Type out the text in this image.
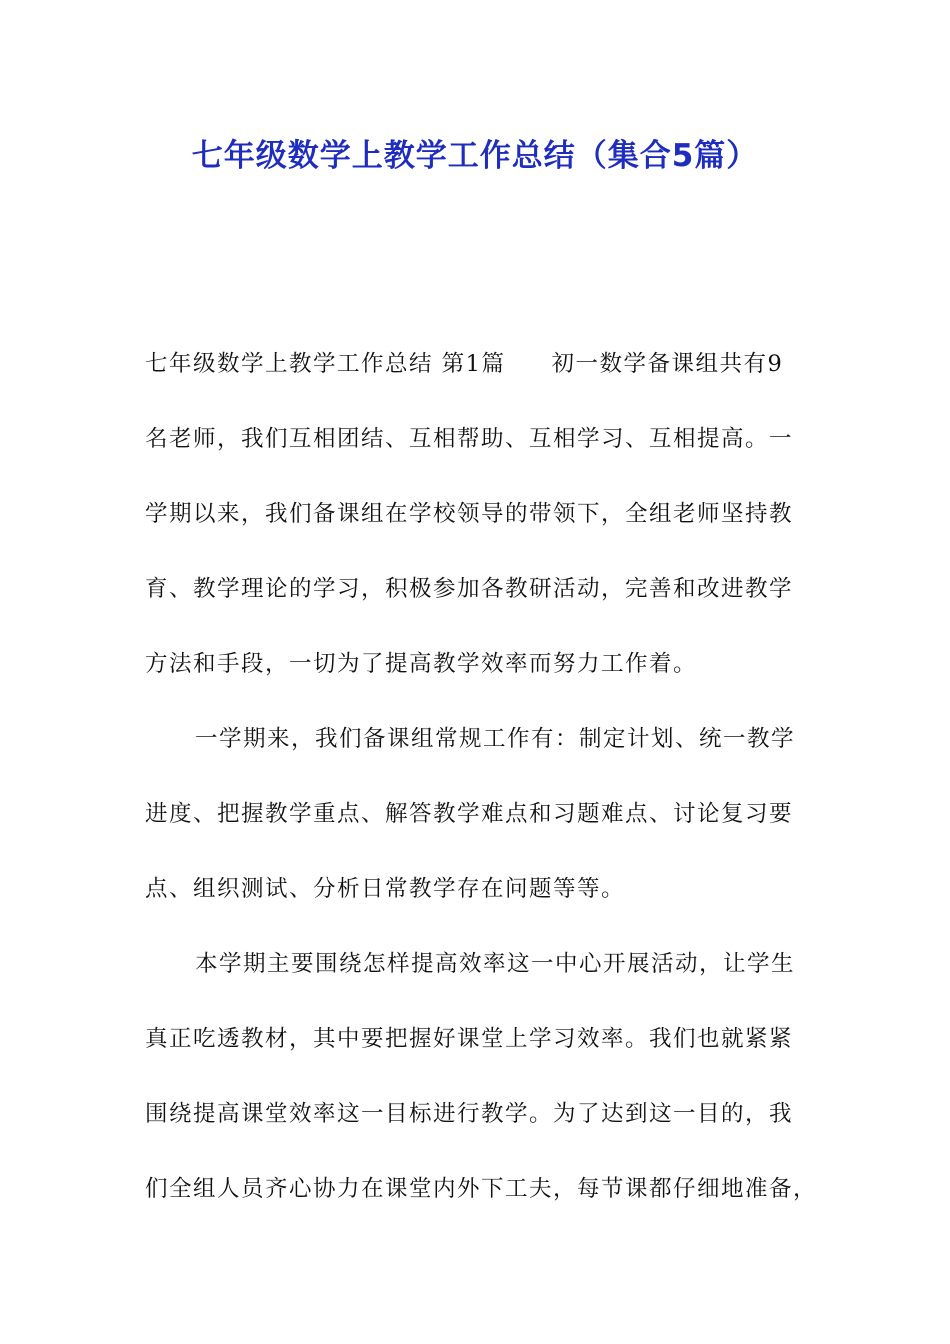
七年级数学上教学工作总结（集合5篇）
七年级数学上教学工作总结 第1篇 初一数学备课组共有9
名老师，我们互相团结、互相帮助、互相学习、互相提高。一
学期以来，我们备课组在学校领导的带领下，全组老师坚持教
育、教学理论的学习，积极参加各教研活动，完善和改进教学
方法和手段，一切为了提高教学效率而努力工作着。
一学期来，我们备课组常规工作有：制定计划、统一教学
进度、把握教学重点、解答教学难点和习题难点、讨论复习要
点、组织测试、分析日常教学存在问题等等。
本学期主要围绕怎样提高效率这一中心开展活动，让学生
真正吃透教材，其中要把握好课堂上学习效率。我们也就紧紧
围绕提高课堂效率这一目标进行教学。为了达到这一目的，我
们全组人员齐心协力在课堂内外下工夫，每节课都仔细地准备，
